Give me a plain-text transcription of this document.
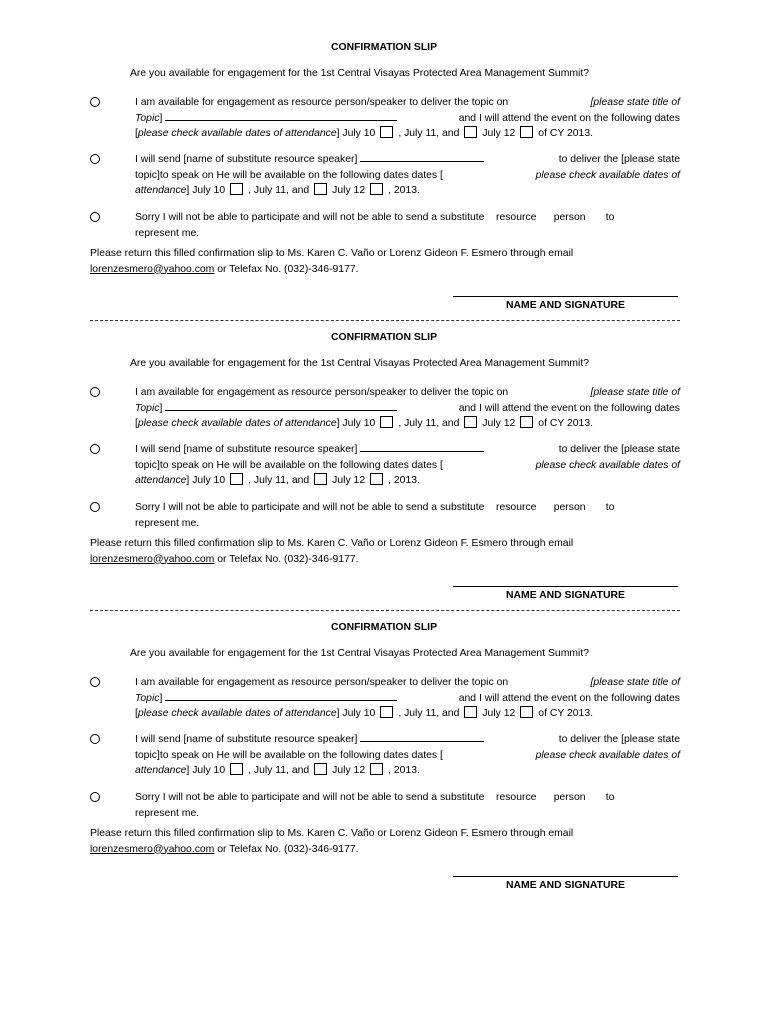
CONFIRMATION SLIP
Are you available for engagement for the 1st Central Visayas Protected Area Management Summit?
I am available for engagement as resource person/speaker to deliver the topic on	[please state title of
Topic]	and I will attend the event on the following dates
[please check available dates of attendance] July 10 , July 11, and July 12 of CY 2013.
I will send [name of substitute resource speaker]	to deliver the [please state
topic]to speak on He will be available on the following dates dates [	please check available dates of
attendance] July 10 , July 11, and July 12 , 2013.
Sorry I will not be able to participate and will not be able to send a substitute    resource      person       to
represent me.
Please return this filled confirmation slip to Ms. Karen C. Vaño or Lorenz Gideon F. Esmero through email
lorenzesmero@yahoo.com or Telefax No. (032)-346-9177.
NAME AND SIGNATURE
CONFIRMATION SLIP
Are you available for engagement for the 1st Central Visayas Protected Area Management Summit?
I am available for engagement as resource person/speaker to deliver the topic on	[please state title of
Topic]	and I will attend the event on the following dates
[please check available dates of attendance] July 10 , July 11, and July 12 of CY 2013.
I will send [name of substitute resource speaker]	to deliver the [please state
topic]to speak on He will be available on the following dates dates [	please check available dates of
attendance] July 10 , July 11, and July 12 , 2013.
Sorry I will not be able to participate and will not be able to send a substitute    resource      person       to
represent me.
Please return this filled confirmation slip to Ms. Karen C. Vaño or Lorenz Gideon F. Esmero through email
lorenzesmero@yahoo.com or Telefax No. (032)-346-9177.
NAME AND SIGNATURE
CONFIRMATION SLIP
Are you available for engagement for the 1st Central Visayas Protected Area Management Summit?
I am available for engagement as resource person/speaker to deliver the topic on	[please state title of
Topic]	and I will attend the event on the following dates
[please check available dates of attendance] July 10 , July 11, and July 12 of CY 2013.
I will send [name of substitute resource speaker]	to deliver the [please state
topic]to speak on He will be available on the following dates dates [	please check available dates of
attendance] July 10 , July 11, and July 12 , 2013.
Sorry I will not be able to participate and will not be able to send a substitute    resource      person       to
represent me.
Please return this filled confirmation slip to Ms. Karen C. Vaño or Lorenz Gideon F. Esmero through email
lorenzesmero@yahoo.com or Telefax No. (032)-346-9177.
NAME AND SIGNATURE
